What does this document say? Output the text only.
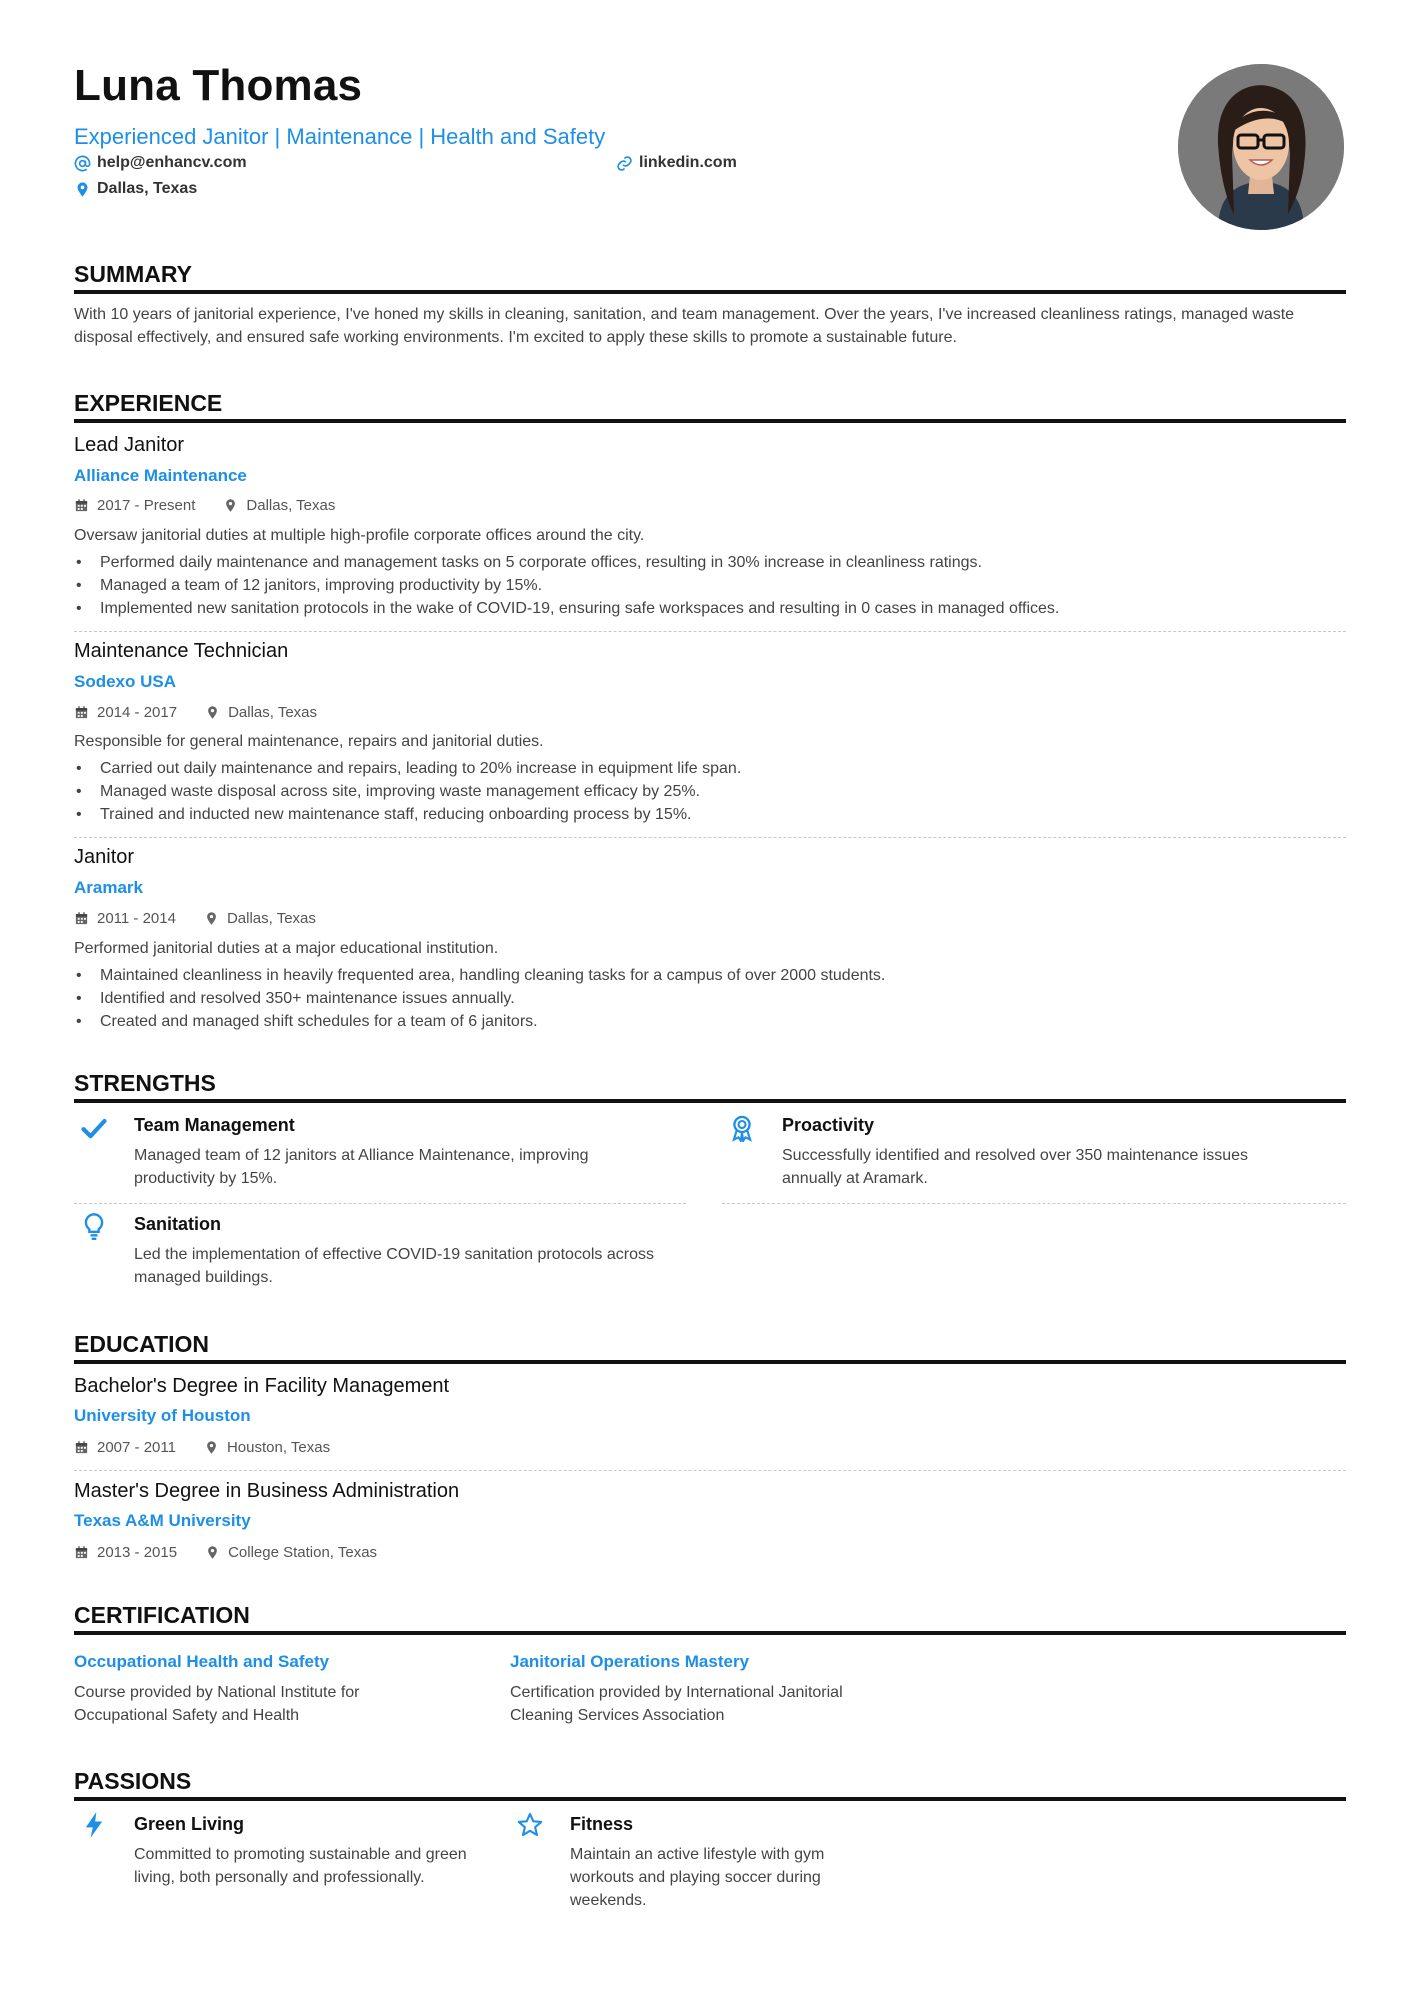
Luna Thomas
Experienced Janitor | Maintenance | Health and Safety
help@enhancv.com	linkedin.com
Dallas, Texas
SUMMARY
With 10 years of janitorial experience, I've honed my skills in cleaning, sanitation, and team management. Over the years, I've increased cleanliness ratings, managed waste disposal effectively, and ensured safe working environments. I'm excited to apply these skills to promote a sustainable future.
EXPERIENCE
Lead Janitor
Alliance Maintenance
2017 - Present	Dallas, Texas
Oversaw janitorial duties at multiple high-profile corporate offices around the city.
• Performed daily maintenance and management tasks on 5 corporate offices, resulting in 30% increase in cleanliness ratings.
• Managed a team of 12 janitors, improving productivity by 15%.
• Implemented new sanitation protocols in the wake of COVID-19, ensuring safe workspaces and resulting in 0 cases in managed offices.
Maintenance Technician
Sodexo USA
2014 - 2017	Dallas, Texas
Responsible for general maintenance, repairs and janitorial duties.
• Carried out daily maintenance and repairs, leading to 20% increase in equipment life span.
• Managed waste disposal across site, improving waste management efficacy by 25%.
• Trained and inducted new maintenance staff, reducing onboarding process by 15%.
Janitor
Aramark
2011 - 2014	Dallas, Texas
Performed janitorial duties at a major educational institution.
• Maintained cleanliness in heavily frequented area, handling cleaning tasks for a campus of over 2000 students.
• Identified and resolved 350+ maintenance issues annually.
• Created and managed shift schedules for a team of 6 janitors.
STRENGTHS
Team Management
Managed team of 12 janitors at Alliance Maintenance, improving productivity by 15%.
Proactivity
Successfully identified and resolved over 350 maintenance issues annually at Aramark.
Sanitation
Led the implementation of effective COVID-19 sanitation protocols across managed buildings.
EDUCATION
Bachelor's Degree in Facility Management
University of Houston
2007 - 2011	Houston, Texas
Master's Degree in Business Administration
Texas A&M University
2013 - 2015	College Station, Texas
CERTIFICATION
Occupational Health and Safety
Course provided by National Institute for Occupational Safety and Health
Janitorial Operations Mastery
Certification provided by International Janitorial Cleaning Services Association
PASSIONS
Green Living
Committed to promoting sustainable and green living, both personally and professionally.
Fitness
Maintain an active lifestyle with gym workouts and playing soccer during weekends.
